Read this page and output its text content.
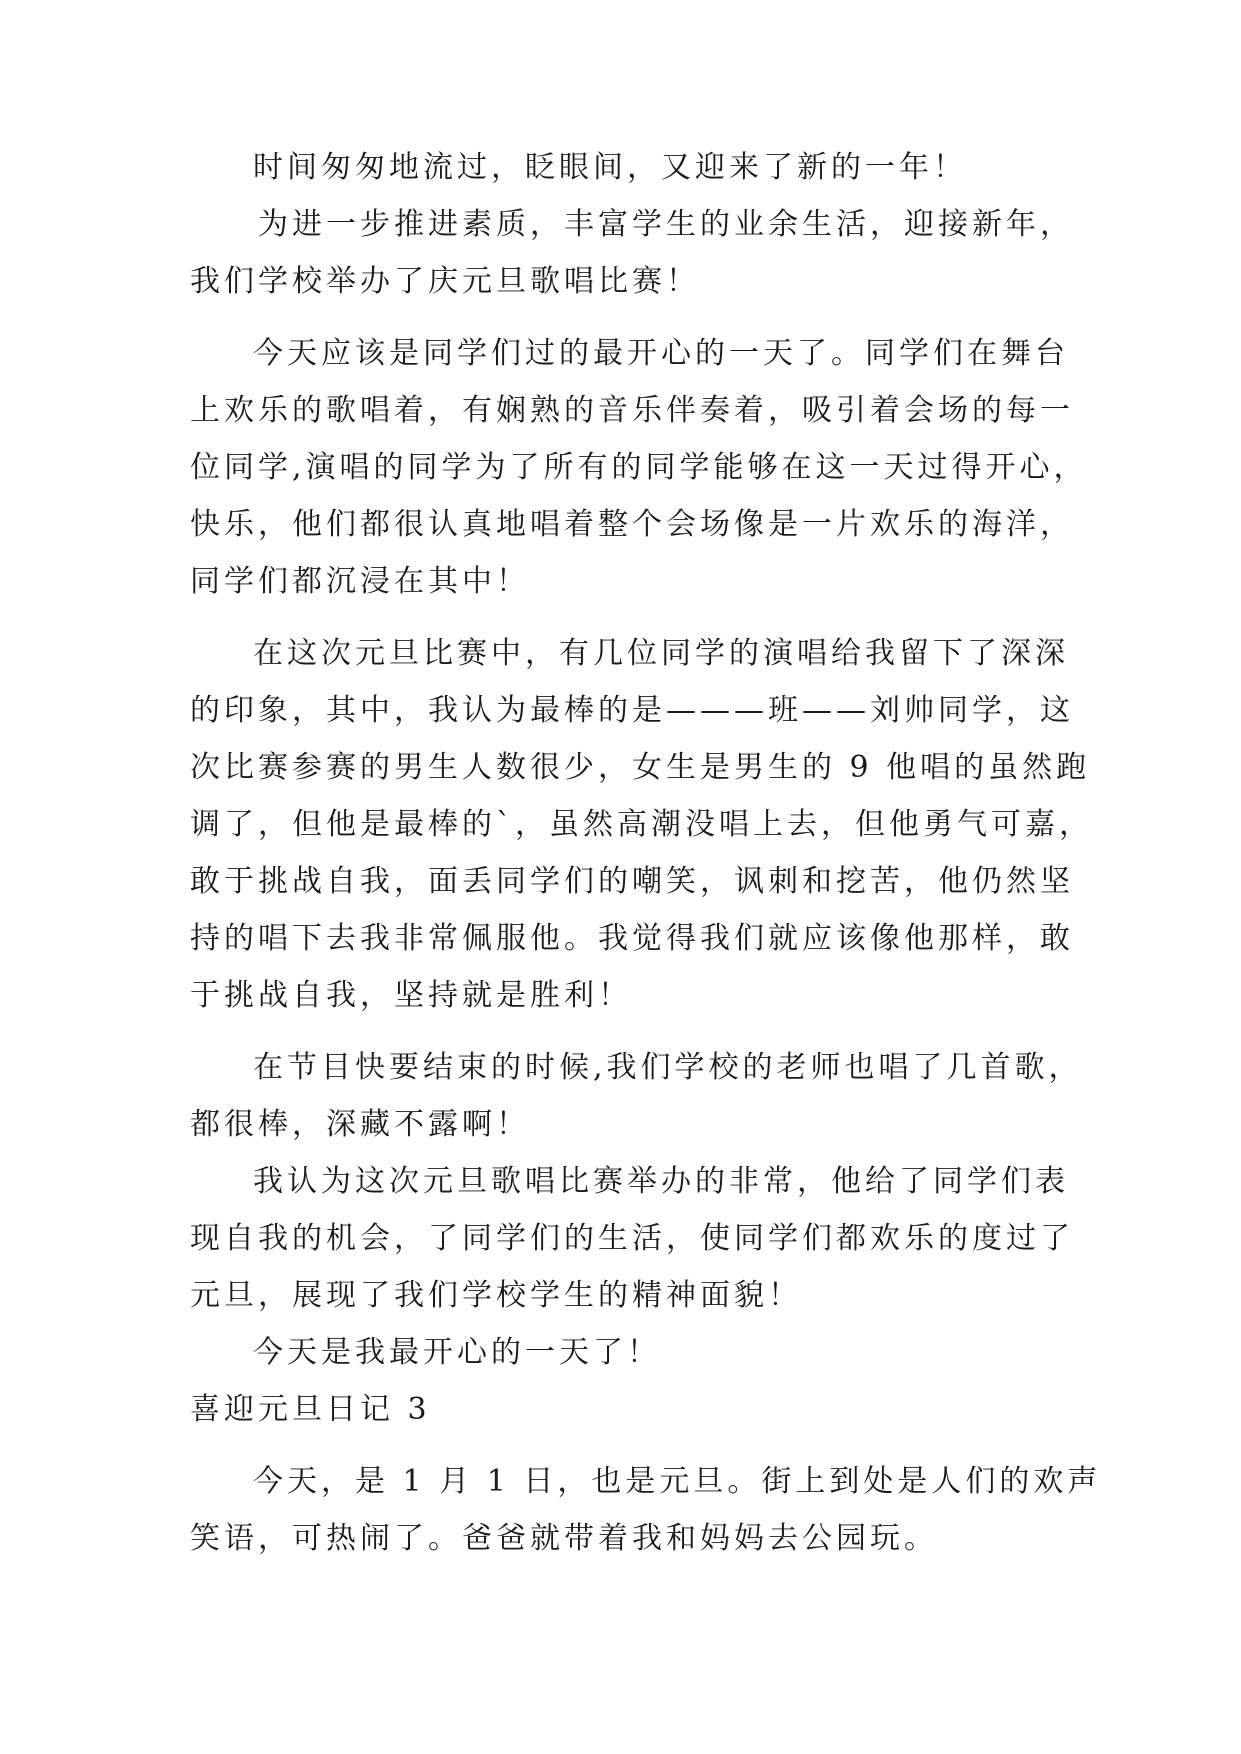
时间匆匆地流过，眨眼间，又迎来了新的一年！

为进一步推进素质，丰富学生的业余生活，迎接新年，

我们学校举办了庆元旦歌唱比赛！

今天应该是同学们过的最开心的一天了。同学们在舞台

上欢乐的歌唱着，有娴熟的音乐伴奏着，吸引着会场的每一

位同学,演唱的同学为了所有的同学能够在这一天过得开心，

快乐，他们都很认真地唱着整个会场像是一片欢乐的海洋，

同学们都沉浸在其中！

在这次元旦比赛中，有几位同学的演唱给我留下了深深

的印象，其中，我认为最棒的是———班——刘帅同学，这

次比赛参赛的男生人数很少，女生是男生的 9 他唱的虽然跑

调了，但他是最棒的`，虽然高潮没唱上去，但他勇气可嘉，

敢于挑战自我，面丢同学们的嘲笑，讽刺和挖苦，他仍然坚

持的唱下去我非常佩服他。我觉得我们就应该像他那样，敢

于挑战自我，坚持就是胜利！

在节目快要结束的时候,我们学校的老师也唱了几首歌，

都很棒，深藏不露啊！

我认为这次元旦歌唱比赛举办的非常，他给了同学们表

现自我的机会，了同学们的生活，使同学们都欢乐的度过了

元旦，展现了我们学校学生的精神面貌！

今天是我最开心的一天了！

喜迎元旦日记 3

今天，是 1 月 1 日，也是元旦。街上到处是人们的欢声

笑语，可热闹了。爸爸就带着我和妈妈去公园玩。
